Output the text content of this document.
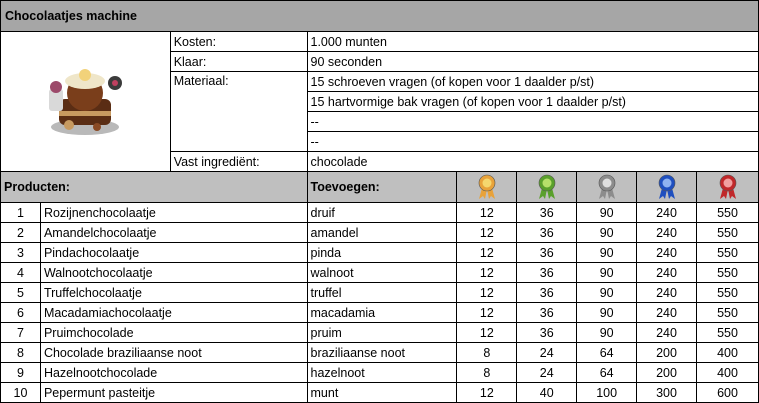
Chocolaatjes machine								
	Kosten:	1.000 munten					
		Klaar:	90 seconden					
		Materiaal:	15 schroeven vragen (of kopen voor 1 daalder p/st)					
			15 hartvormige bak vragen (of kopen voor 1 daalder p/st)					
			--					
			--					
		Vast ingrediënt:	chocolade					
Producten:			Toevoegen:					
1	Rozijnenchocolaatje		druif	12	36	90	240	550
2	Amandelchocolaatje		amandel	12	36	90	240	550
3	Pindachocolaatje		pinda	12	36	90	240	550
4	Walnootchocolaatje		walnoot	12	36	90	240	550
5	Truffelchocolaatje		truffel	12	36	90	240	550
6	Macadamiachocolaatje		macadamia	12	36	90	240	550
7	Pruimchocolade		pruim	12	36	90	240	550
8	Chocolade braziliaanse noot		braziliaanse noot	8	24	64	200	400
9	Hazelnootchocolade		hazelnoot	8	24	64	200	400
10	Pepermunt pasteitje		munt	12	40	100	300	600
